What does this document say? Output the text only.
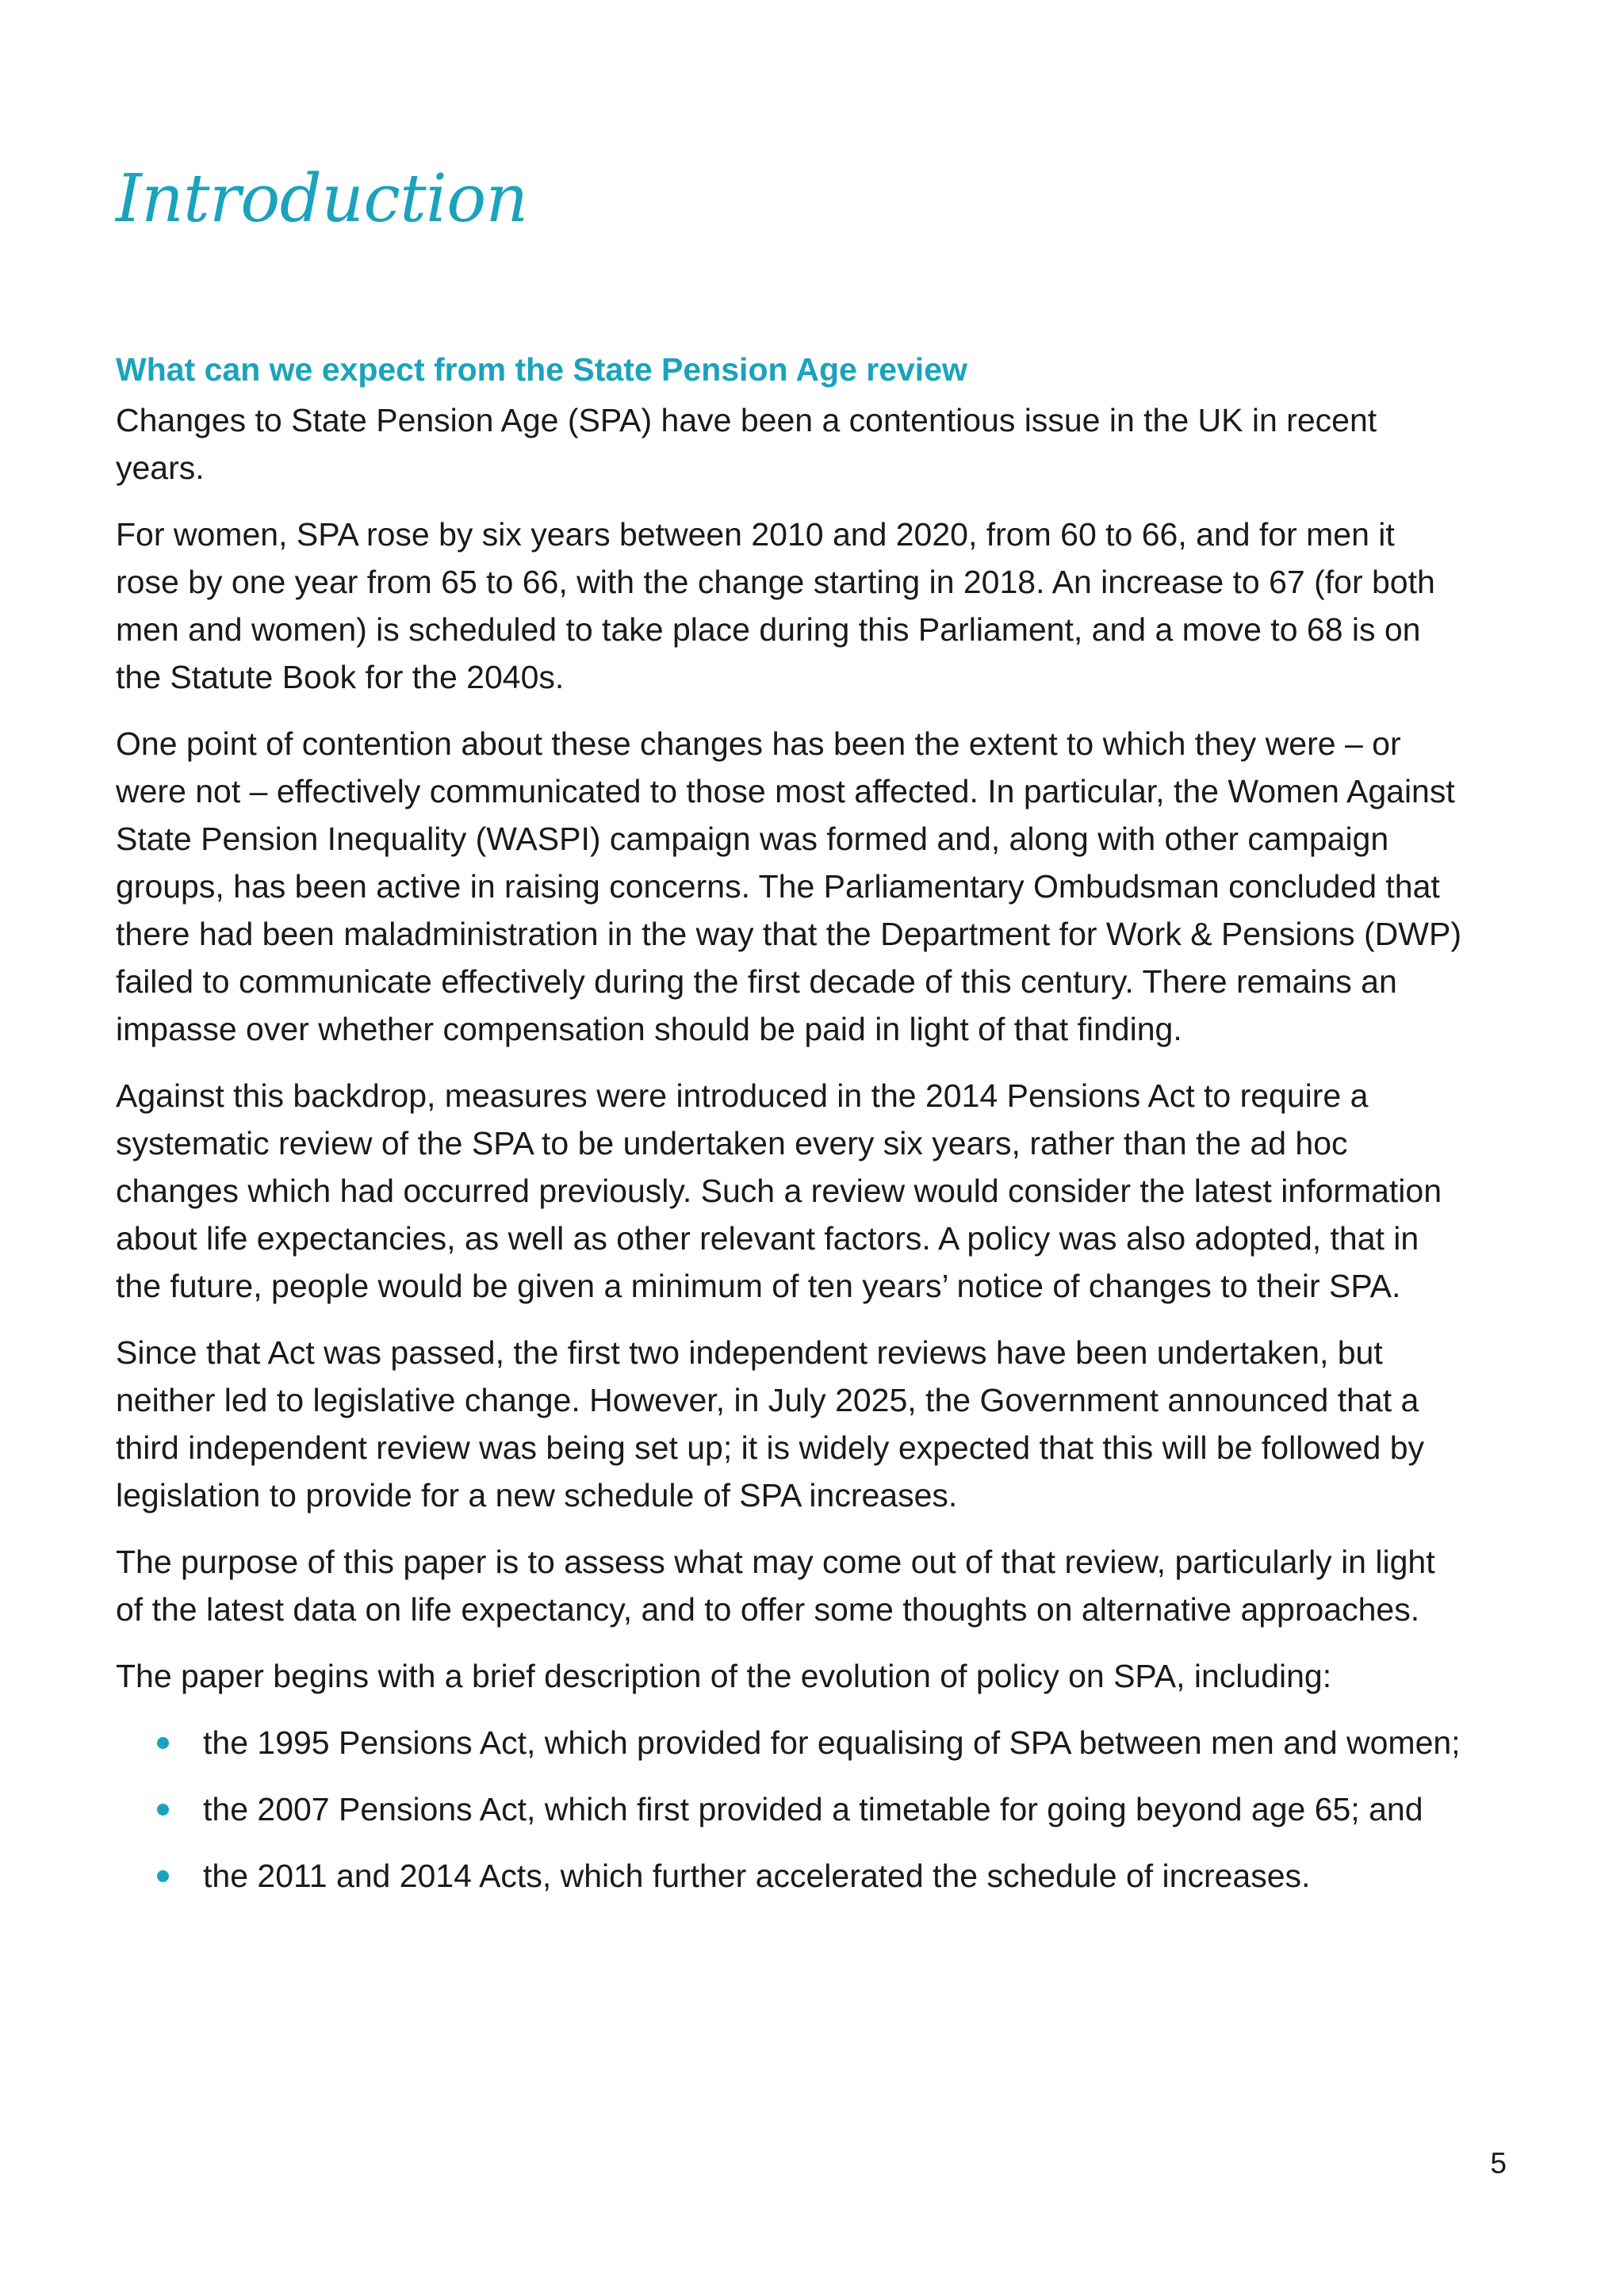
Introduction
What can we expect from the State Pension Age review

Changes to State Pension Age (SPA) have been a contentious issue in the UK in recent years.

For women, SPA rose by six years between 2010 and 2020, from 60 to 66, and for men it rose by one year from 65 to 66, with the change starting in 2018. An increase to 67 (for both men and women) is scheduled to take place during this Parliament, and a move to 68 is on the Statute Book for the 2040s.

One point of contention about these changes has been the extent to which they were – or were not – effectively communicated to those most affected. In particular, the Women Against State Pension Inequality (WASPI) campaign was formed and, along with other campaign groups, has been active in raising concerns. The Parliamentary Ombudsman concluded that there had been maladministration in the way that the Department for Work & Pensions (DWP) failed to communicate effectively during the first decade of this century. There remains an impasse over whether compensation should be paid in light of that finding.

Against this backdrop, measures were introduced in the 2014 Pensions Act to require a systematic review of the SPA to be undertaken every six years, rather than the ad hoc changes which had occurred previously. Such a review would consider the latest information about life expectancies, as well as other relevant factors. A policy was also adopted, that in the future, people would be given a minimum of ten years’ notice of changes to their SPA.

Since that Act was passed, the first two independent reviews have been undertaken, but neither led to legislative change. However, in July 2025, the Government announced that a third independent review was being set up; it is widely expected that this will be followed by legislation to provide for a new schedule of SPA increases.

The purpose of this paper is to assess what may come out of that review, particularly in light of the latest data on life expectancy, and to offer some thoughts on alternative approaches.

The paper begins with a brief description of the evolution of policy on SPA, including:

the 1995 Pensions Act, which provided for equalising of SPA between men and women;
the 2007 Pensions Act, which first provided a timetable for going beyond age 65; and
the 2011 and 2014 Acts, which further accelerated the schedule of increases.
5
